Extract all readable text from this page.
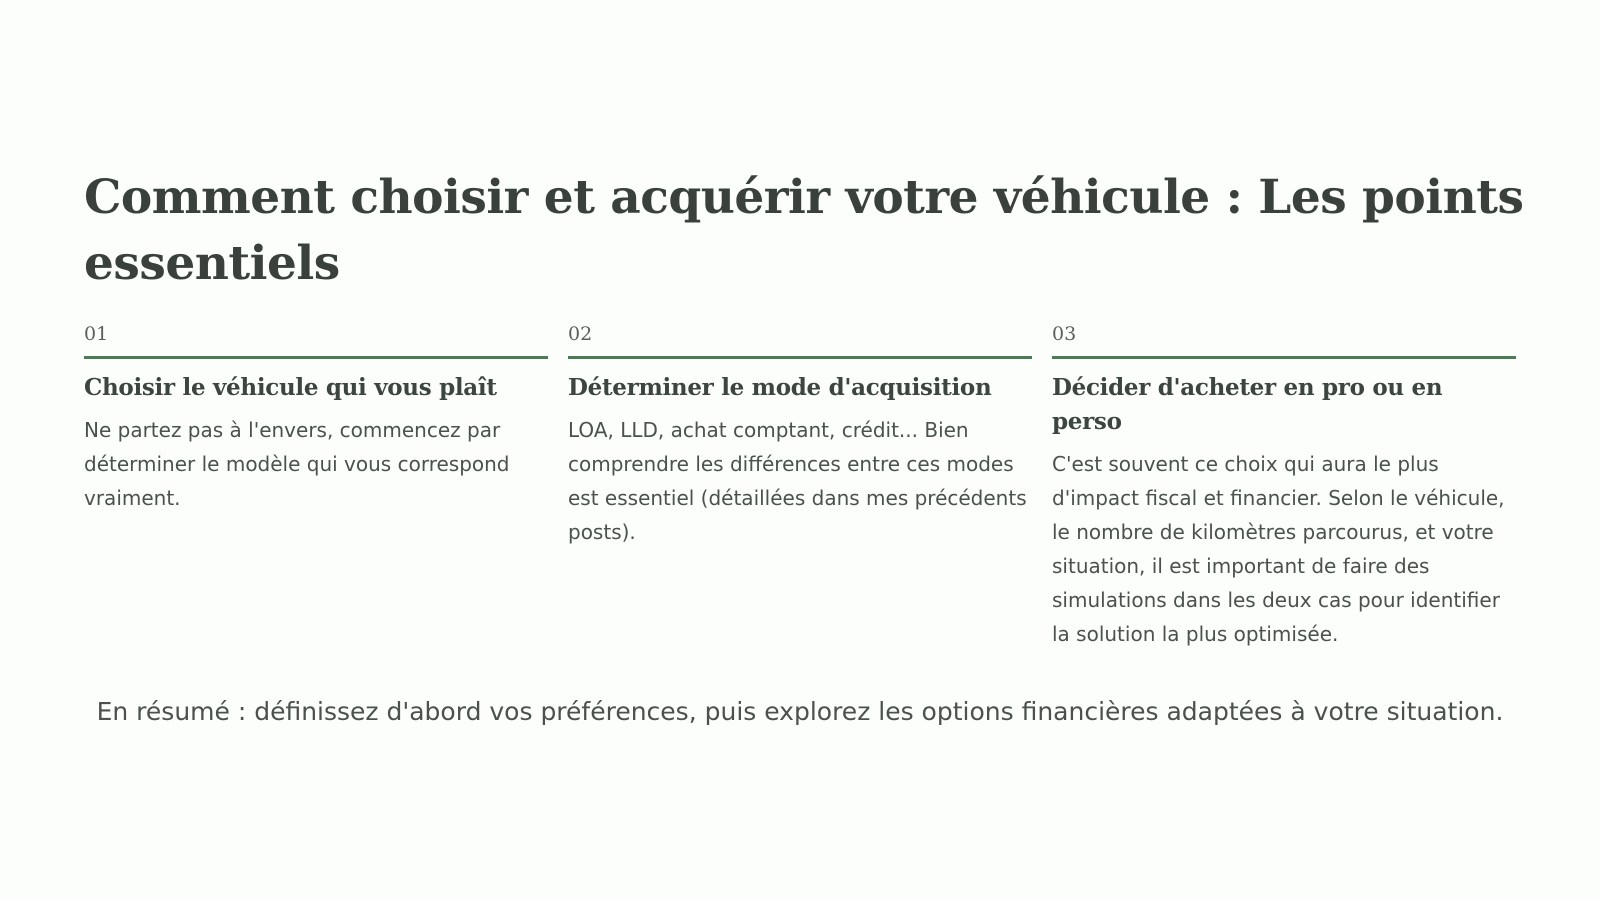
Comment choisir et acquérir votre véhicule : Les points essentiels
01
Choisir le véhicule qui vous plaît

Ne partez pas à l'envers, commencez par déterminer le modèle qui vous correspond vraiment.

02
Déterminer le mode d'acquisition

LOA, LLD, achat comptant, crédit... Bien comprendre les différences entre ces modes est essentiel (détaillées dans mes précédents posts).

03
Décider d'acheter en pro ou en perso

C'est souvent ce choix qui aura le plus d'impact fiscal et financier. Selon le véhicule, le nombre de kilomètres parcourus, et votre situation, il est important de faire des simulations dans les deux cas pour identifier la solution la plus optimisée.

En résumé : définissez d'abord vos préférences, puis explorez les options financières adaptées à votre situation.
